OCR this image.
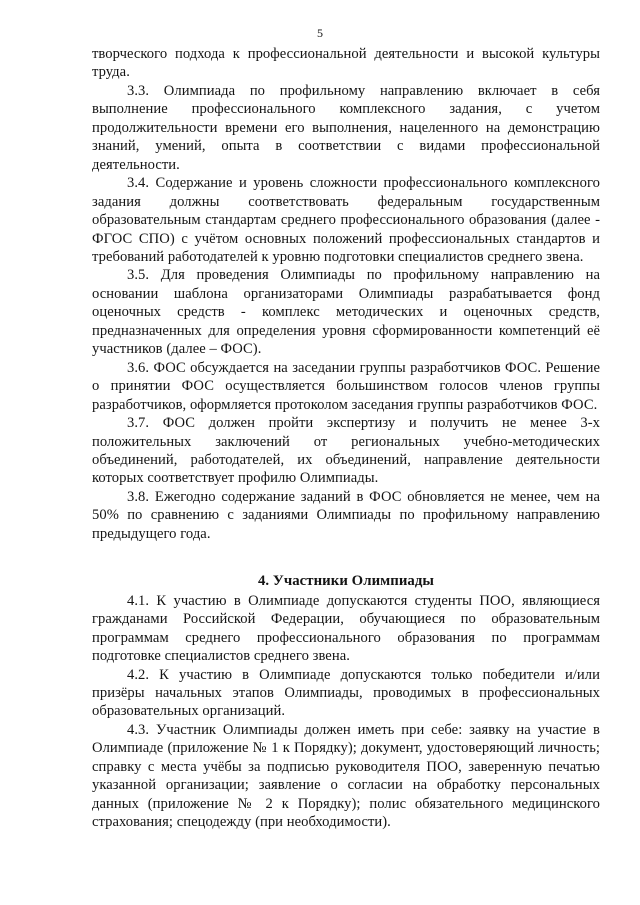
5

творческого подхода к профессиональной деятельности и высокой культуры труда.

3.3. Олимпиада по профильному направлению включает в себя выполнение профессионального комплексного задания, с учетом продолжительности времени его выполнения, нацеленного на демонстрацию знаний, умений, опыта в соответствии с видами профессиональной деятельности.

3.4. Содержание и уровень сложности профессионального комплексного задания должны соответствовать федеральным государственным образовательным стандартам среднего профессионального образования (далее - ФГОС СПО) с учётом основных положений профессиональных стандартов и требований работодателей к уровню подготовки специалистов среднего звена.

3.5. Для проведения Олимпиады по профильному направлению на основании шаблона организаторами Олимпиады разрабатывается фонд оценочных средств - комплекс методических и оценочных средств, предназначенных для определения уровня сформированности компетенций её участников (далее – ФОС).

3.6. ФОС обсуждается на заседании группы разработчиков ФОС. Решение о принятии ФОС осуществляется большинством голосов членов группы разработчиков, оформляется протоколом заседания группы разработчиков ФОС.

3.7. ФОС должен пройти экспертизу и получить не менее 3-х положительных заключений от региональных учебно-методических объединений, работодателей, их объединений, направление деятельности которых соответствует профилю Олимпиады.

3.8. Ежегодно содержание заданий в ФОС обновляется не менее, чем на 50% по сравнению с заданиями Олимпиады по профильному направлению предыдущего года.

4. Участники Олимпиады

4.1. К участию в Олимпиаде допускаются студенты ПОО, являющиеся гражданами Российской Федерации, обучающиеся по образовательным программам среднего профессионального образования по программам подготовке специалистов среднего звена.

4.2. К участию в Олимпиаде допускаются только победители и/или призёры начальных этапов Олимпиады, проводимых в профессиональных образовательных организаций.

4.3. Участник Олимпиады должен иметь при себе: заявку на участие в Олимпиаде (приложение № 1 к Порядку); документ, удостоверяющий личность; справку с места учёбы за подписью руководителя ПОО, заверенную печатью указанной организации; заявление о согласии на обработку персональных данных (приложение № 2 к Порядку); полис обязательного медицинского страхования; спецодежду (при необходимости).
